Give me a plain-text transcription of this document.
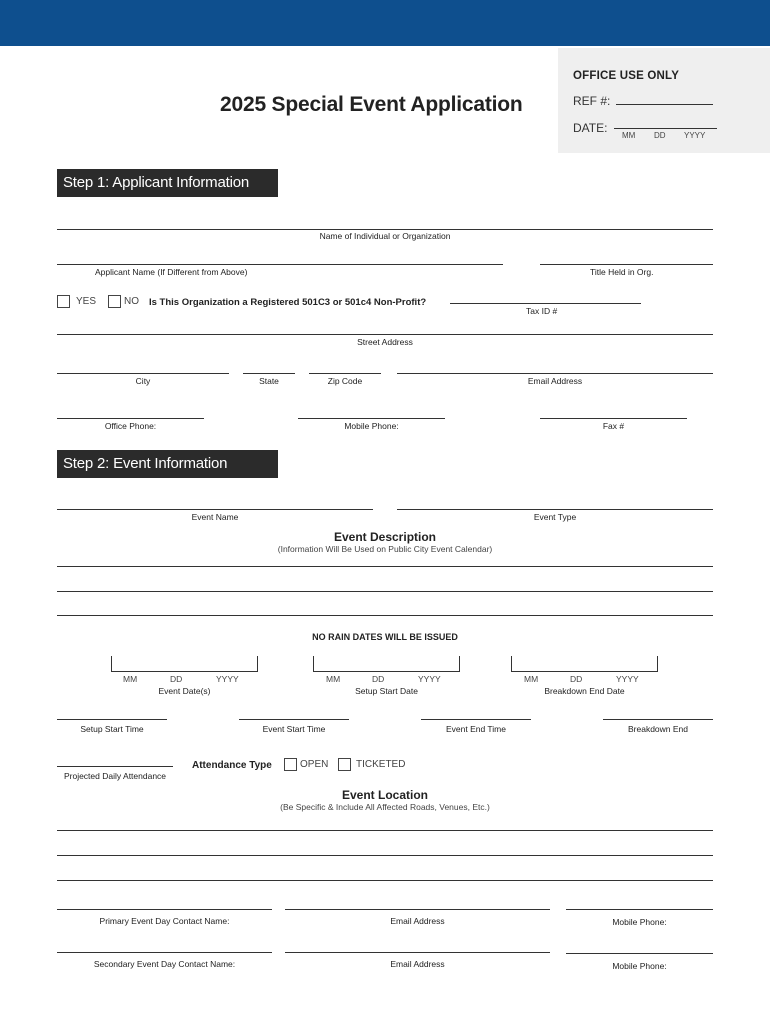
OFFICE USE ONLY
REF #:
DATE:
MM DD YYYY
2025 Special Event Application
Step 1: Applicant Information
Name of Individual or Organization
Applicant Name (If Different from Above)	Title Held in Org.
YES	NO Is This Organization a Registered 501C3 or 501c4 Non-Profit?
Tax ID #
Street Address
City	State	Zip Code	Email Address
Office Phone:	Mobile Phone:	Fax #
Step 2: Event Information
Event Name	Event Type
Event Description
(Information Will Be Used on Public City Event Calendar)
NO RAIN DATES WILL BE ISSUED
MM	DD	YYYY
Event Date(s)
MM	DD	YYYY
Setup Start Date
MM	DD	YYYY
Breakdown End Date
Setup Start Time	Event Start Time	Event End Time	Breakdown End
Projected Daily Attendance
Attendance Type	OPEN	TICKETED
Event Location
(Be Specific & Include All Affected Roads, Venues, Etc.)
Primary Event Day Contact Name:	Email Address	Mobile Phone:
Secondary Event Day Contact Name:	Email Address	Mobile Phone:
